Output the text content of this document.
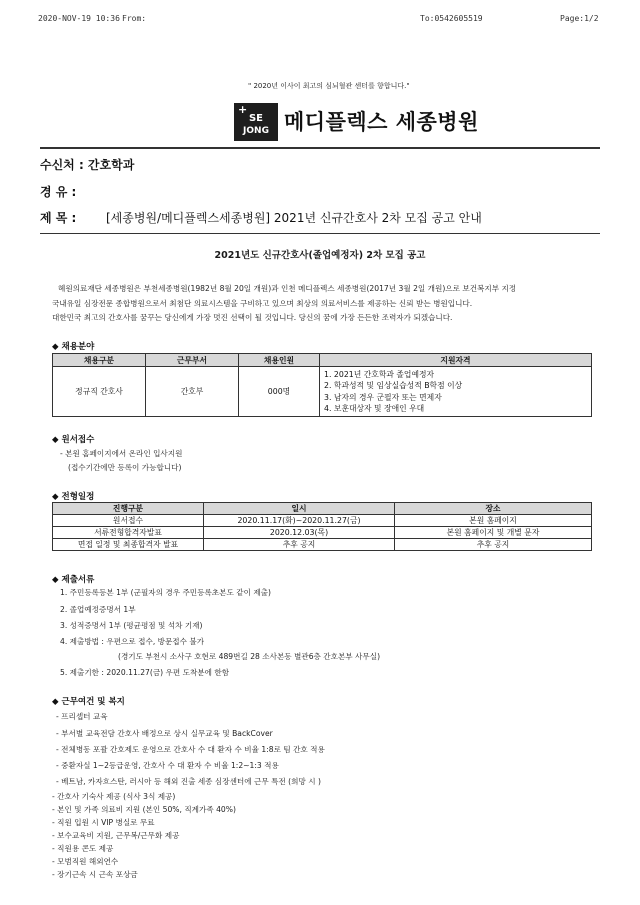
2020-NOV-19 10:36 From:	To:0542605519	Page:1/2
" 2020년 이사이 최고의 심뇌혈관 센터를 향합니다."
+
SE
JONG 메디플렉스 세종병원
수신처 : 간호학과
경 유 :
제 목 : [세종병원/메디플렉스세종병원] 2021년 신규간호사 2차 모집 공고 안내
2021년도 신규간호사(졸업예정자) 2차 모집 공고
혜원의료재단 세종병원은 부천세종병원(1982년 8월 20일 개원)과 인천 메디플렉스 세종병원(2017년 3월 2일 개원)으로 보건복지부 지정
국내유일 심장전문 종합병원으로서 최첨단 의료시스템을 구비하고 있으며 최상의 의료서비스를 제공하는 신뢰 받는 병원입니다.
대한민국 최고의 간호사를 꿈꾸는 당신에게 가장 멋진 선택이 될 것입니다. 당신의 꿈에 가장 든든한 조력자가 되겠습니다.
◆ 채용분야
채용구분	근무부서	채용인원	지원자격
정규직 간호사	간호부	000명	1. 2021년 간호학과 졸업예정자
2. 학과성적 및 임상실습성적 B학점 이상
3. 남자의 경우 군필자 또는 면제자
4. 보훈대상자 및 장애인 우대
◆ 원서접수
- 본원 홈페이지에서 온라인 입사지원
(접수기간에만 등록이 가능합니다)
◆ 전형일정
진행구분	일시	장소
원서접수	2020.11.17(화)~2020.11.27(금)	본원 홈페이지
서류전형합격자발표	2020.12.03(목)	본원 홈페이지 및 개별 문자
면접 일정 및 최종합격자 발표	추후 공지	추후 공지
◆ 제출서류
1. 주민등록등본 1부 (군필자의 경우 주민등록초본도 같이 제출)
2. 졸업예정증명서 1부
3. 성적증명서 1부 (평균평점 및 석차 기재)
4. 제출방법 : 우편으로 접수, 방문접수 불가
(경기도 부천시 소사구 호현로 489번길 28 소사본동 별관6층 간호본부 사무실)
5. 제출기한 : 2020.11.27(금) 우편 도착분에 한함
◆ 근무여건 및 복지
- 프리셉터 교육
- 부서별 교육전담 간호사 배정으로 상시 실무교육 및 BackCover
- 전체병동 포괄 간호제도 운영으로 간호사 수 대 환자 수 비율 1:8로 팀 간호 적용
- 중환자실 1~2등급운영, 간호사 수 대 환자 수 비율 1:2~1:3 적용
- 베트남, 카자흐스탄, 러시아 등 해외 진출 세종 심장센터에 근무 특전 (희망 시 )
- 간호사 기숙사 제공 (식사 3식 제공)
- 본인 및 가족 의료비 지원 (본인 50%, 직계가족 40%)
- 직원 입원 시 VIP 병실로 무료
- 보수교육비 지원, 근무복/근무화 제공
- 직원용 콘도 제공
- 모범직원 해외연수
- 장기근속 시 근속 포상금
